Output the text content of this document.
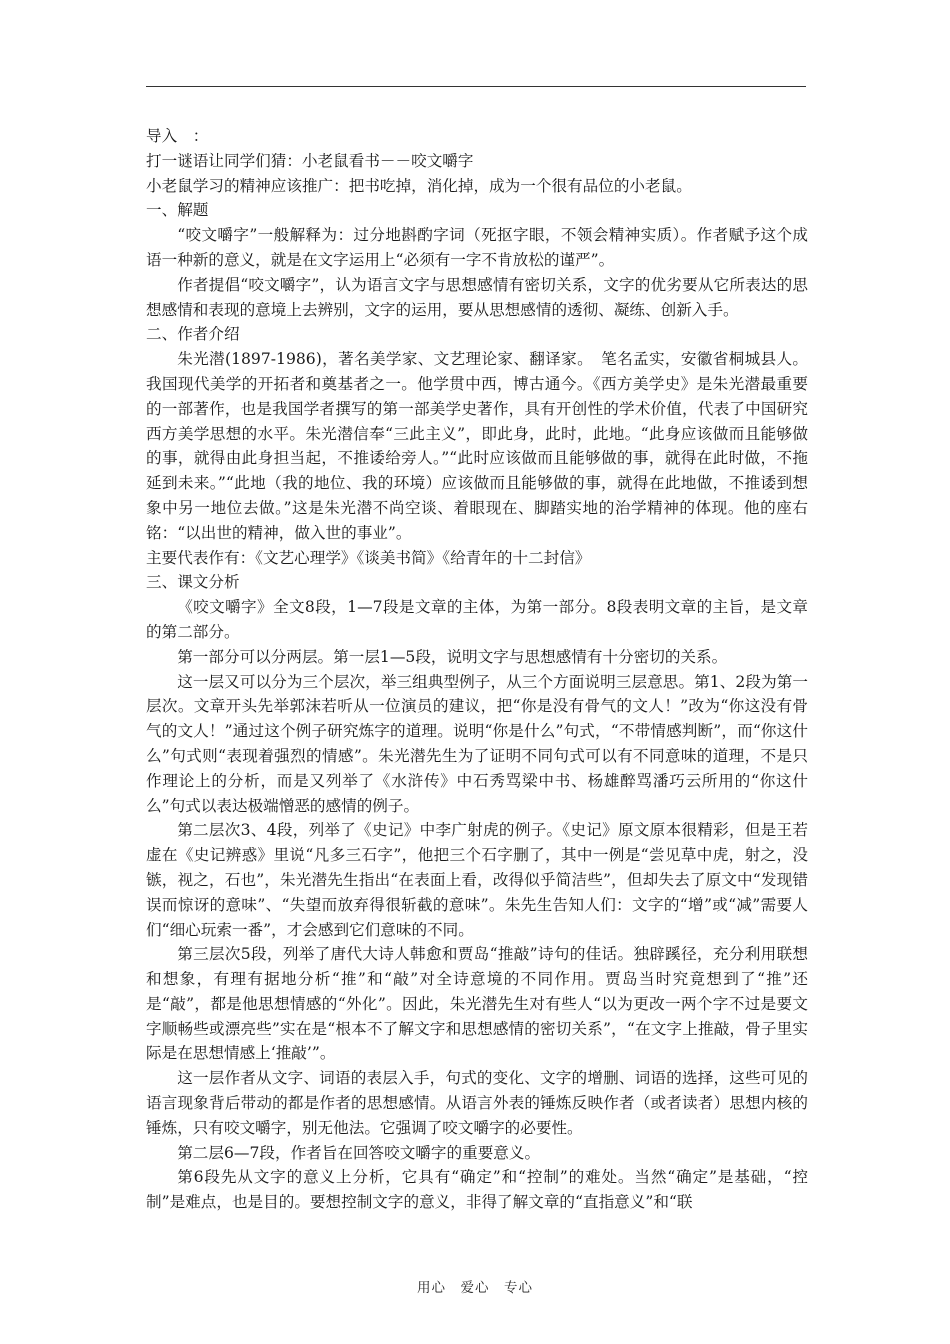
导入　：

打一谜语让同学们猜：小老鼠看书－－咬文嚼字

小老鼠学习的精神应该推广：把书吃掉，消化掉，成为一个很有品位的小老鼠。

一、解题

“咬文嚼字”一般解释为：过分地斟酌字词（死抠字眼，不领会精神实质）。作者赋予这个成语一种新的意义，就是在文字运用上“必须有一字不肯放松的谨严”。

作者提倡“咬文嚼字”，认为语言文字与思想感情有密切关系，文字的优劣要从它所表达的思想感情和表现的意境上去辨别，文字的运用，要从思想感情的透彻、凝练、创新入手。

二、作者介绍

朱光潜(1897-1986)，著名美学家、文艺理论家、翻译家。　笔名孟实，安徽省桐城县人。我国现代美学的开拓者和奠基者之一。他学贯中西，博古通今。《西方美学史》是朱光潜最重要的一部著作，也是我国学者撰写的第一部美学史著作，具有开创性的学术价值，代表了中国研究西方美学思想的水平。朱光潜信奉“三此主义”，即此身，此时，此地。“此身应该做而且能够做的事，就得由此身担当起，不推诿给旁人。”“此时应该做而且能够做的事，就得在此时做，不拖延到未来。”“此地（我的地位、我的环境）应该做而且能够做的事，就得在此地做，不推诿到想象中另一地位去做。”这是朱光潜不尚空谈、着眼现在、脚踏实地的治学精神的体现。他的座右铭：“以出世的精神，做入世的事业”。

主要代表作有：《文艺心理学》《谈美书简》《给青年的十二封信》

三、课文分析

《咬文嚼字》全文8段，1—7段是文章的主体，为第一部分。8段表明文章的主旨，是文章的第二部分。

第一部分可以分两层。第一层1—5段，说明文字与思想感情有十分密切的关系。

这一层又可以分为三个层次，举三组典型例子，从三个方面说明三层意思。第1、2段为第一层次。文章开头先举郭沫若听从一位演员的建议，把“你是没有骨气的文人！”改为“你这没有骨气的文人！”通过这个例子研究炼字的道理。说明“你是什么”句式，“不带情感判断”，而“你这什么”句式则“表现着强烈的情感”。朱光潜先生为了证明不同句式可以有不同意味的道理，不是只作理论上的分析，而是又列举了《水浒传》中石秀骂梁中书、杨雄醉骂潘巧云所用的“你这什么”句式以表达极端憎恶的感情的例子。

第二层次3、4段，列举了《史记》中李广射虎的例子。《史记》原文原本很精彩，但是王若虚在《史记辨惑》里说“凡多三石字”，他把三个石字删了，其中一例是“尝见草中虎，射之，没镞，视之，石也”，朱光潜先生指出“在表面上看，改得似乎简洁些”，但却失去了原文中“发现错误而惊讶的意味”、“失望而放弃得很斩截的意味”。朱先生告知人们：文字的“增”或“减”需要人们“细心玩索一番”，才会感到它们意味的不同。

第三层次5段，列举了唐代大诗人韩愈和贾岛“推敲”诗句的佳话。独辟蹊径，充分利用联想和想象，有理有据地分析“推”和“敲”对全诗意境的不同作用。贾岛当时究竟想到了“推”还是“敲”，都是他思想情感的“外化”。因此，朱光潜先生对有些人“以为更改一两个字不过是要文字顺畅些或漂亮些”实在是“根本不了解文字和思想感情的密切关系”，“在文字上推敲，骨子里实际是在思想情感上‘推敲’”。

这一层作者从文字、词语的表层入手，句式的变化、文字的增删、词语的选择，这些可见的语言现象背后带动的都是作者的思想感情。从语言外表的锤炼反映作者（或者读者）思想内核的锤炼，只有咬文嚼字，别无他法。它强调了咬文嚼字的必要性。

第二层6—7段，作者旨在回答咬文嚼字的重要意义。

第6段先从文字的意义上分析，它具有“确定”和“控制”的难处。当然“确定”是基础，“控制”是难点，也是目的。要想控制文字的意义，非得了解文章的“直指意义”和“联

用心　爱心　专心
